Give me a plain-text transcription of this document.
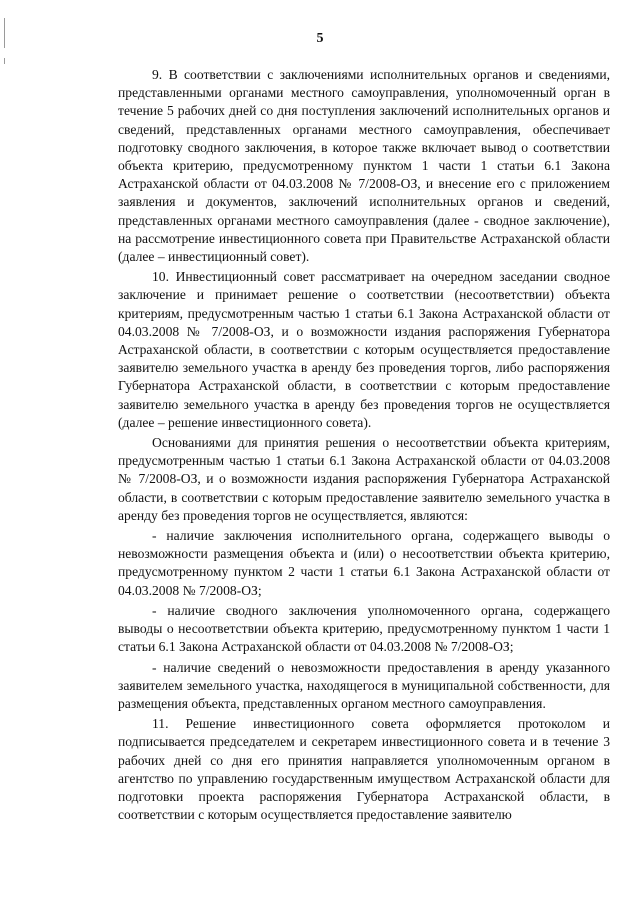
5

9. В соответствии с заключениями исполнительных органов и сведениями, представленными органами местного самоуправления, уполномоченный орган в течение 5 рабочих дней со дня поступления заключений исполнительных органов и сведений, представленных органами местного самоуправления, обеспечивает подготовку сводного заключения, в которое также включает вывод о соответствии объекта критерию, предусмотренному пунктом 1 части 1 статьи 6.1 Закона Астраханской области от 04.03.2008 № 7/2008-ОЗ, и внесение его с приложением заявления и документов, заключений исполнительных органов и сведений, представленных органами местного самоуправления (далее - сводное заключение), на рассмотрение инвестиционного совета при Правительстве Астраханской области (далее – инвестиционный совет).

10. Инвестиционный совет рассматривает на очередном заседании сводное заключение и принимает решение о соответствии (несоответствии) объекта критериям, предусмотренным частью 1 статьи 6.1 Закона Астраханской области от 04.03.2008 № 7/2008-ОЗ, и о возможности издания распоряжения Губернатора Астраханской области, в соответствии с которым осуществляется предоставление заявителю земельного участка в аренду без проведения торгов, либо распоряжения Губернатора Астраханской области, в соответствии с которым предоставление заявителю земельного участка в аренду без проведения торгов не осуществляется (далее – решение инвестиционного совета).

Основаниями для принятия решения о несоответствии объекта критериям, предусмотренным частью 1 статьи 6.1 Закона Астраханской области от 04.03.2008 № 7/2008-ОЗ, и о возможности издания распоряжения Губернатора Астраханской области, в соответствии с которым предоставление заявителю земельного участка в аренду без проведения торгов не осуществляется, являются:

- наличие заключения исполнительного органа, содержащего выводы о невозможности размещения объекта и (или) о несоответствии объекта критерию, предусмотренному пунктом 2 части 1 статьи 6.1 Закона Астраханской области от 04.03.2008 № 7/2008-ОЗ;

- наличие сводного заключения уполномоченного органа, содержащего выводы о несоответствии объекта критерию, предусмотренному пунктом 1 части 1 статьи 6.1 Закона Астраханской области от 04.03.2008 № 7/2008-ОЗ;

- наличие сведений о невозможности предоставления в аренду указанного заявителем земельного участка, находящегося в муниципальной собственности, для размещения объекта, представленных органом местного самоуправления.

11. Решение инвестиционного совета оформляется протоколом и подписывается председателем и секретарем инвестиционного совета и в течение 3 рабочих дней со дня его принятия направляется уполномоченным органом в агентство по управлению государственным имуществом Астраханской области для подготовки проекта распоряжения Губернатора Астраханской области, в соответствии с которым осуществляется предоставление заявителю
